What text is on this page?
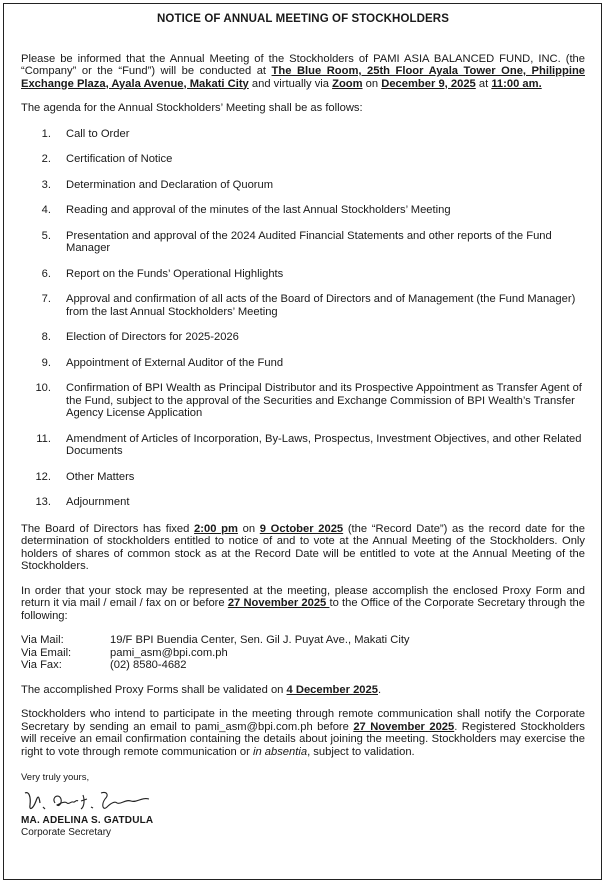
NOTICE OF ANNUAL MEETING OF STOCKHOLDERS

Please be informed that the Annual Meeting of the Stockholders of PAMI ASIA BALANCED FUND, INC. (the “Company” or the “Fund”) will be conducted at The Blue Room, 25th Floor Ayala Tower One, Philippine Exchange Plaza, Ayala Avenue, Makati City and virtually via Zoom on December 9, 2025 at 11:00 am.

The agenda for the Annual Stockholders’ Meeting shall be as follows:

1 . Call to Order
2 . Certification of Notice
3 . Determination and Declaration of Quorum
4 . Reading and approval of the minutes of the last Annual Stockholders’ Meeting
5 . Presentation and approval of the 2024 Audited Financial Statements and other reports of the Fund Manager
6 . Report on the Funds’ Operational Highlights
7 . Approval and confirmation of all acts of the Board of Directors and of Management (the Fund Manager) from the last Annual Stockholders’ Meeting
8 . Election of Directors for 2025-2026
9 . Appointment of External Auditor of the Fund
10 . Confirmation of BPI Wealth as Principal Distributor and its Prospective Appointment as Transfer Agent of the Fund, subject to the approval of the Securities and Exchange Commission of BPI Wealth’s Transfer Agency License Application
11 . Amendment of Articles of Incorporation, By-Laws, Prospectus, Investment Objectives, and other Related Documents
12 . Other Matters
13 . Adjournment

The Board of Directors has fixed 2:00 pm on 9 October 2025 (the “Record Date”) as the record date for the determination of stockholders entitled to notice of and to vote at the Annual Meeting of the Stockholders. Only holders of shares of common stock as at the Record Date will be entitled to vote at the Annual Meeting of the Stockholders.

In order that your stock may be represented at the meeting, please accomplish the enclosed Proxy Form and return it via mail / email / fax on or before 27 November 2025 to the Office of the Corporate Secretary through the following:

Via Mail:	19/F BPI Buendia Center, Sen. Gil J. Puyat Ave., Makati City
Via Email:	pami_asm@bpi.com.ph
Via Fax:	(02) 8580-4682

The accomplished Proxy Forms shall be validated on 4 December 2025.

Stockholders who intend to participate in the meeting through remote communication shall notify the Corporate Secretary by sending an email to pami_asm@bpi.com.ph before 27 November 2025. Registered Stockholders will receive an email confirmation containing the details about joining the meeting. Stockholders may exercise the right to vote through remote communication or in absentia, subject to validation.

Very truly yours,
MA. ADELINA S. GATDULA
Corporate Secretary
